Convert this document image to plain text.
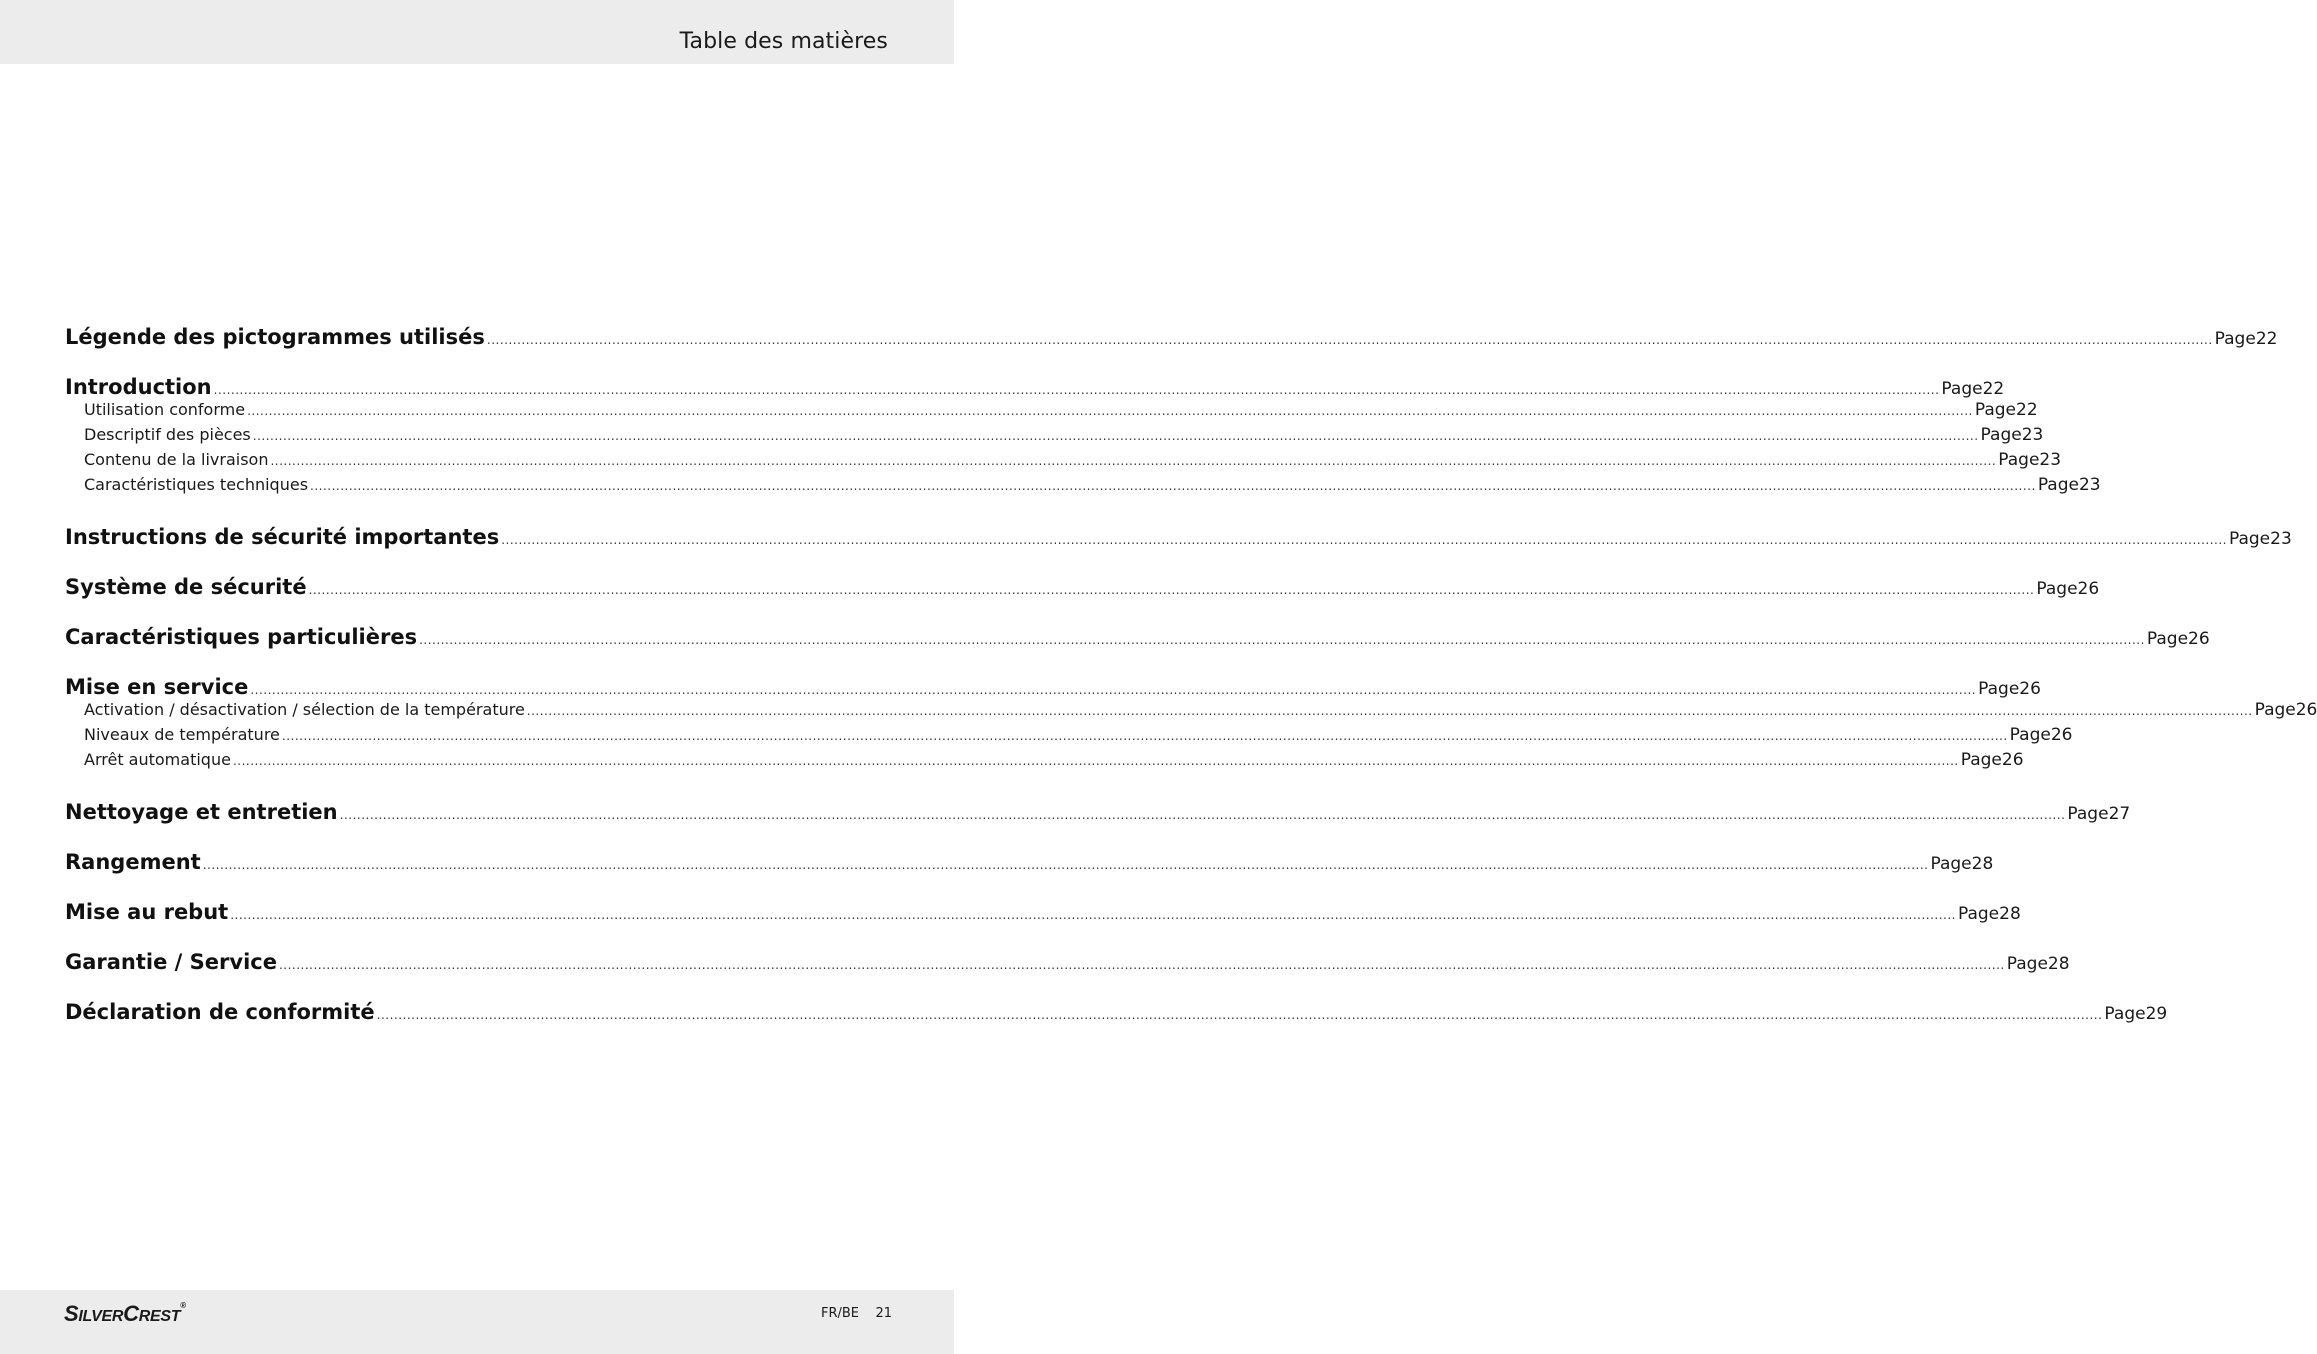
Table des matières
Légende des pictogrammes utilisés ................................................................................................................................................................................................................................................................................................................................................................................................................ Page 22
Introduction ................................................................................................................................................................................................................................................................................................................................................................................................................ Page 22
Utilisation conforme ................................................................................................................................................................................................................................................................................................................................................................................................................ Page 22
Descriptif des pièces ................................................................................................................................................................................................................................................................................................................................................................................................................ Page 23
Contenu de la livraison ................................................................................................................................................................................................................................................................................................................................................................................................................ Page 23
Caractéristiques techniques ................................................................................................................................................................................................................................................................................................................................................................................................................ Page 23
Instructions de sécurité importantes ................................................................................................................................................................................................................................................................................................................................................................................................................ Page 23
Système de sécurité ................................................................................................................................................................................................................................................................................................................................................................................................................ Page 26
Caractéristiques particulières ................................................................................................................................................................................................................................................................................................................................................................................................................ Page 26
Mise en service ................................................................................................................................................................................................................................................................................................................................................................................................................ Page 26
Activation / désactivation / sélection de la température ................................................................................................................................................................................................................................................................................................................................................................................................................ Page 26
Niveaux de température ................................................................................................................................................................................................................................................................................................................................................................................................................ Page 26
Arrêt automatique ................................................................................................................................................................................................................................................................................................................................................................................................................ Page 26
Nettoyage et entretien ................................................................................................................................................................................................................................................................................................................................................................................................................ Page 27
Rangement ................................................................................................................................................................................................................................................................................................................................................................................................................ Page 28
Mise au rebut ................................................................................................................................................................................................................................................................................................................................................................................................................ Page 28
Garantie / Service ................................................................................................................................................................................................................................................................................................................................................................................................................ Page 28
Déclaration de conformité ................................................................................................................................................................................................................................................................................................................................................................................................................ Page 29
SILVERCREST®
FR/BE 21
